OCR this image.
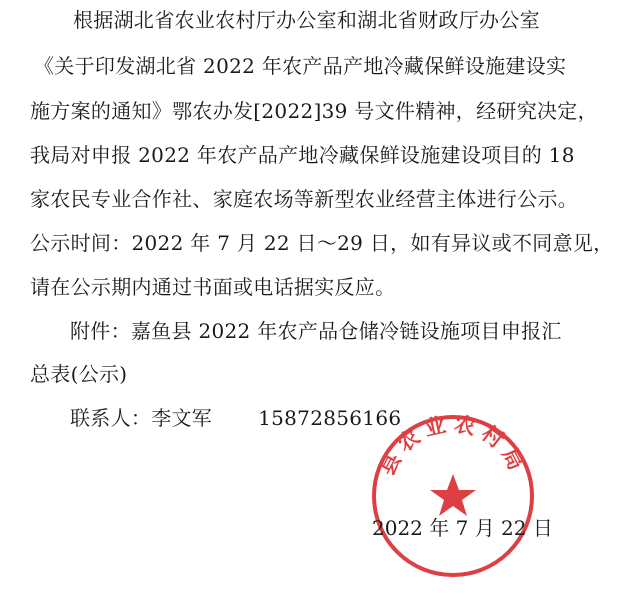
根据湖北省农业农村厅办公室和湖北省财政厅办公室
《关于印发湖北省 2022 年农产品产地冷藏保鲜设施建设实
施方案的通知》鄂农办发[2022]39 号文件精神，经研究决定，
我局对申报 2022 年农产品产地冷藏保鲜设施建设项目的 18
家农民专业合作社、家庭农场等新型农业经营主体进行公示。
公示时间：2022 年 7 月 22 日～29 日，如有异议或不同意见，
请在公示期内通过书面或电话据实反应。
附件：嘉鱼县 2022 年农产品仓储冷链设施项目申报汇
总表(公示)
联系人：李文军 15872856166
县农业农村局
2022 年 7 月 22 日
